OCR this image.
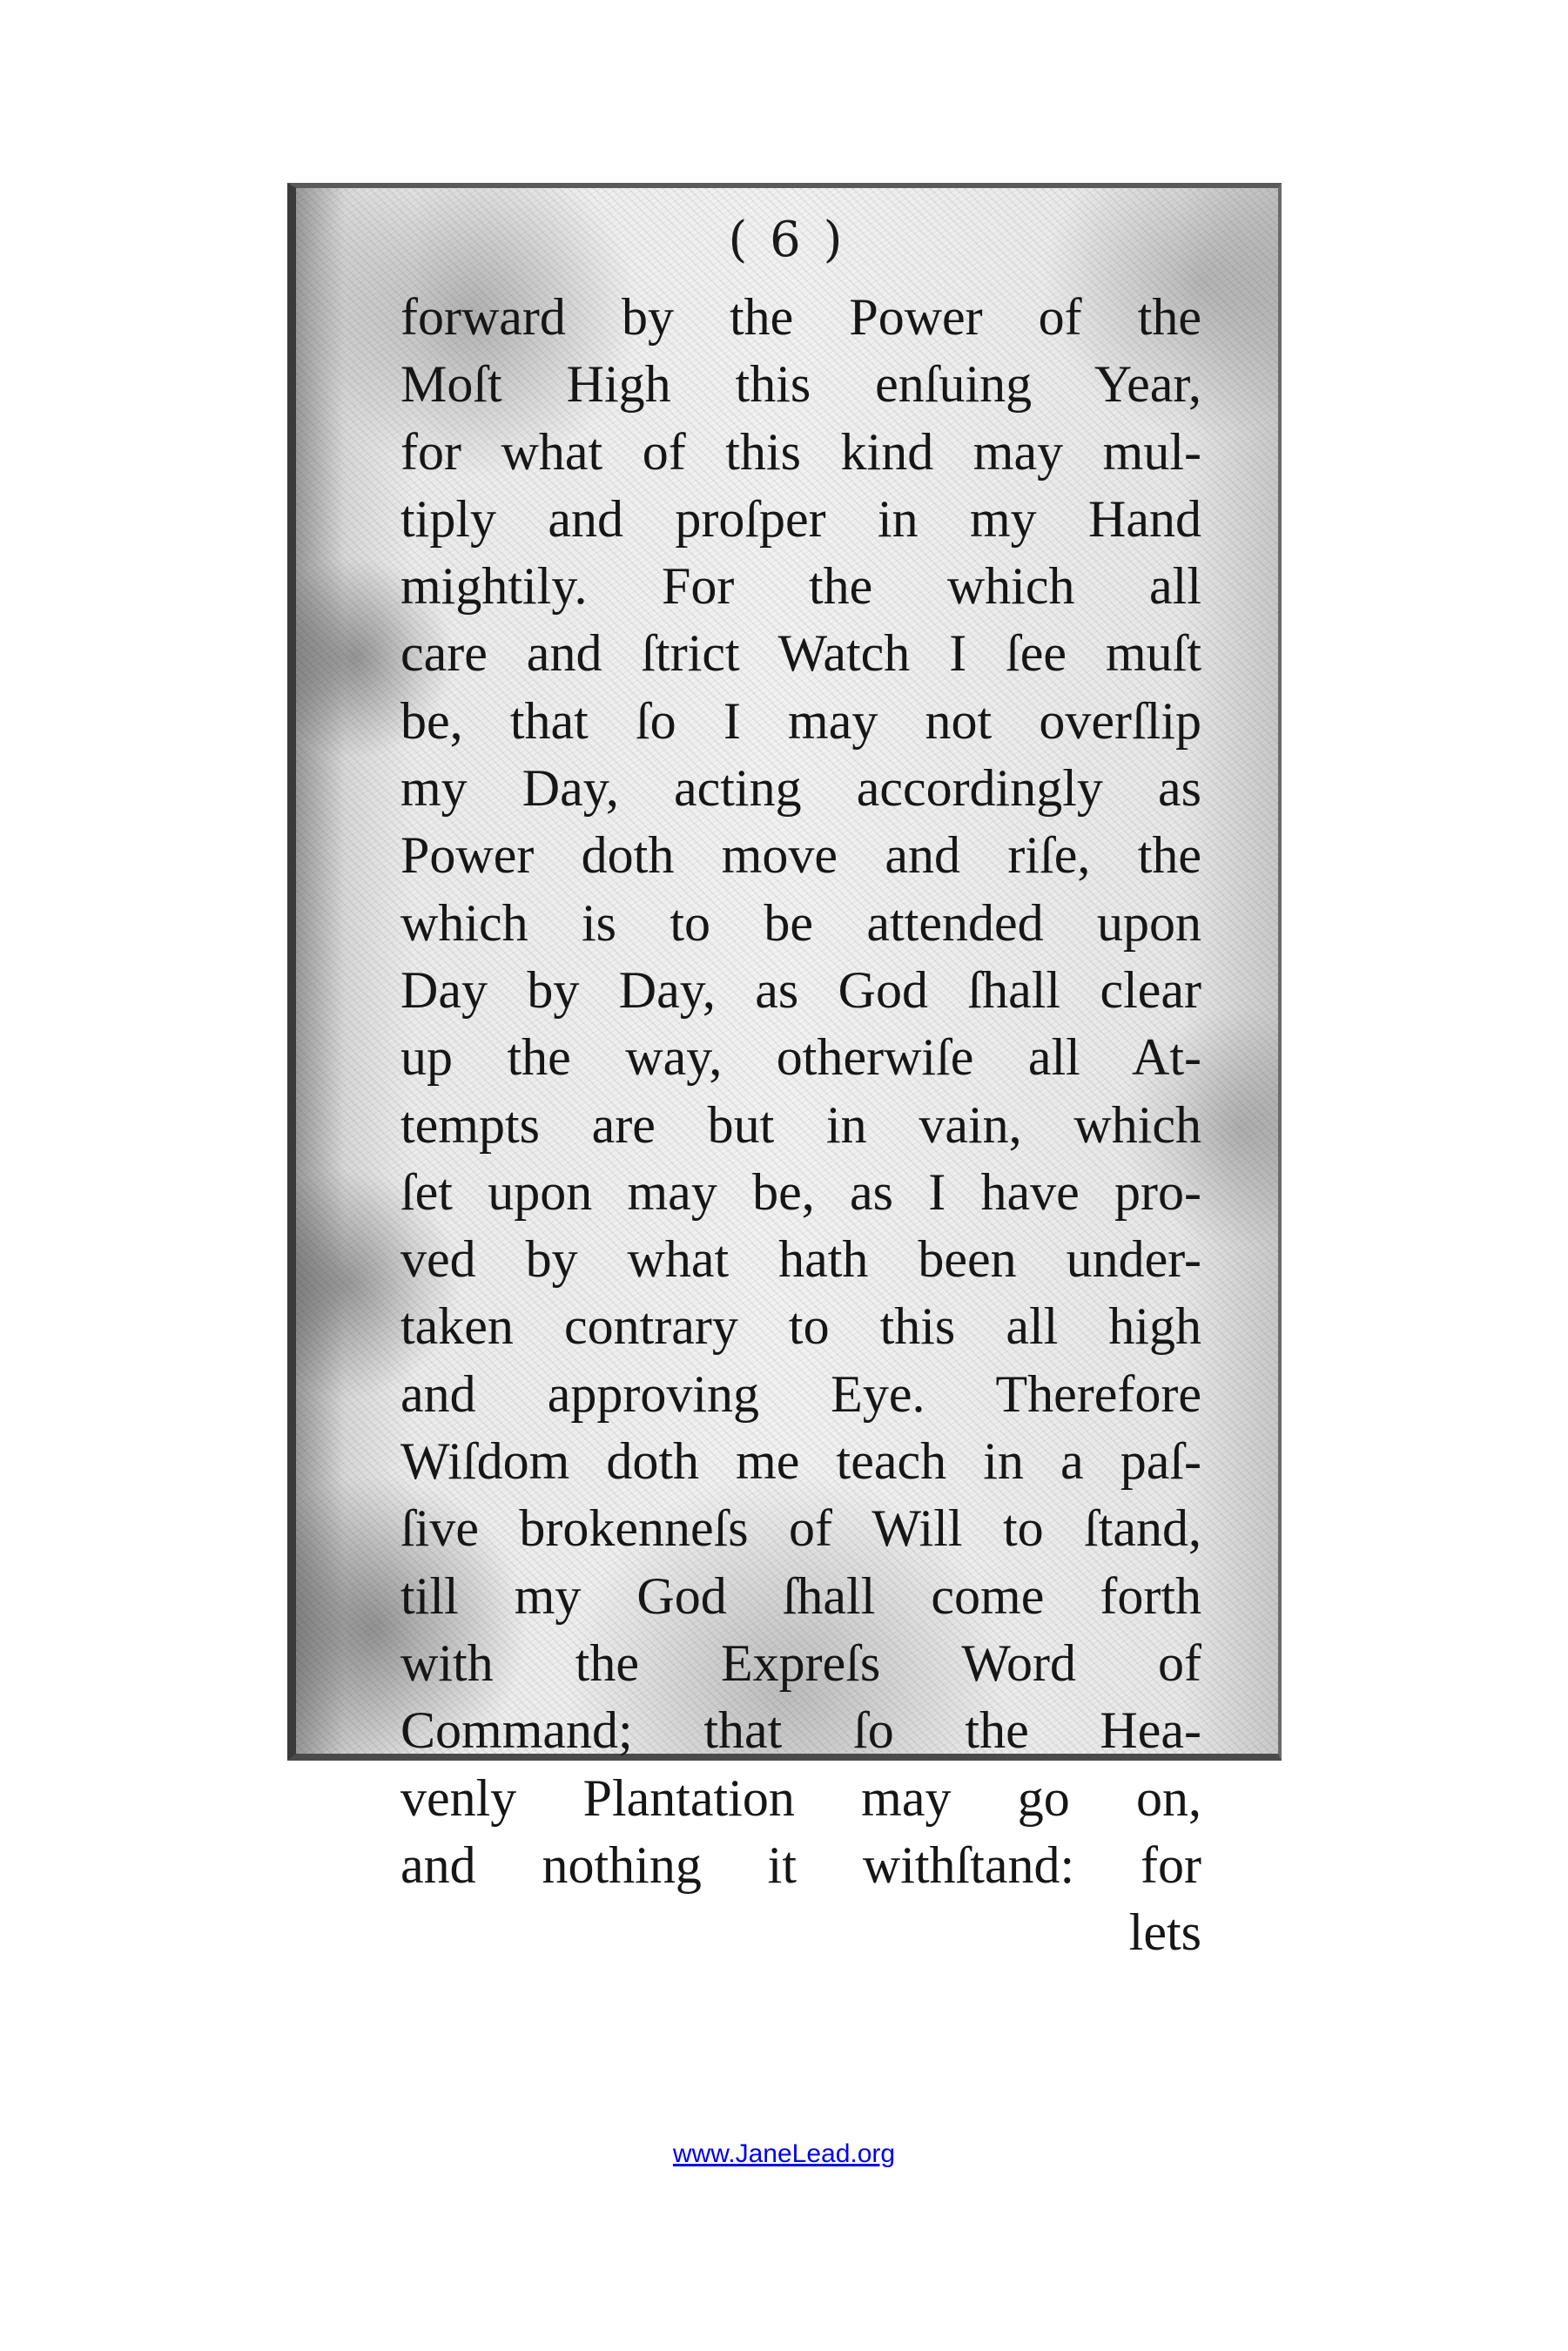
( 6 )
forward by the Power of the
Moſt High this enſuing Year,
for what of this kind may mul-
tiply and proſper in my Hand
mightily. For the which all
care and ſtrict Watch I ſee muſt
be, that ſo I may not overſlip
my Day, acting accordingly as
Power doth move and riſe, the
which is to be attended upon
Day by Day, as God ſhall clear
up the way, otherwiſe all At-
tempts are but in vain, which
ſet upon may be, as I have pro-
ved by what hath been under-
taken contrary to this all high
and approving Eye. Therefore
Wiſdom doth me teach in a paſ-
ſive brokenneſs of Will to ſtand,
till my God ſhall come forth
with the Expreſs Word of
Command; that ſo the Hea-
venly Plantation may go on,
and nothing it withſtand: for
lets
www.JaneLead.org
